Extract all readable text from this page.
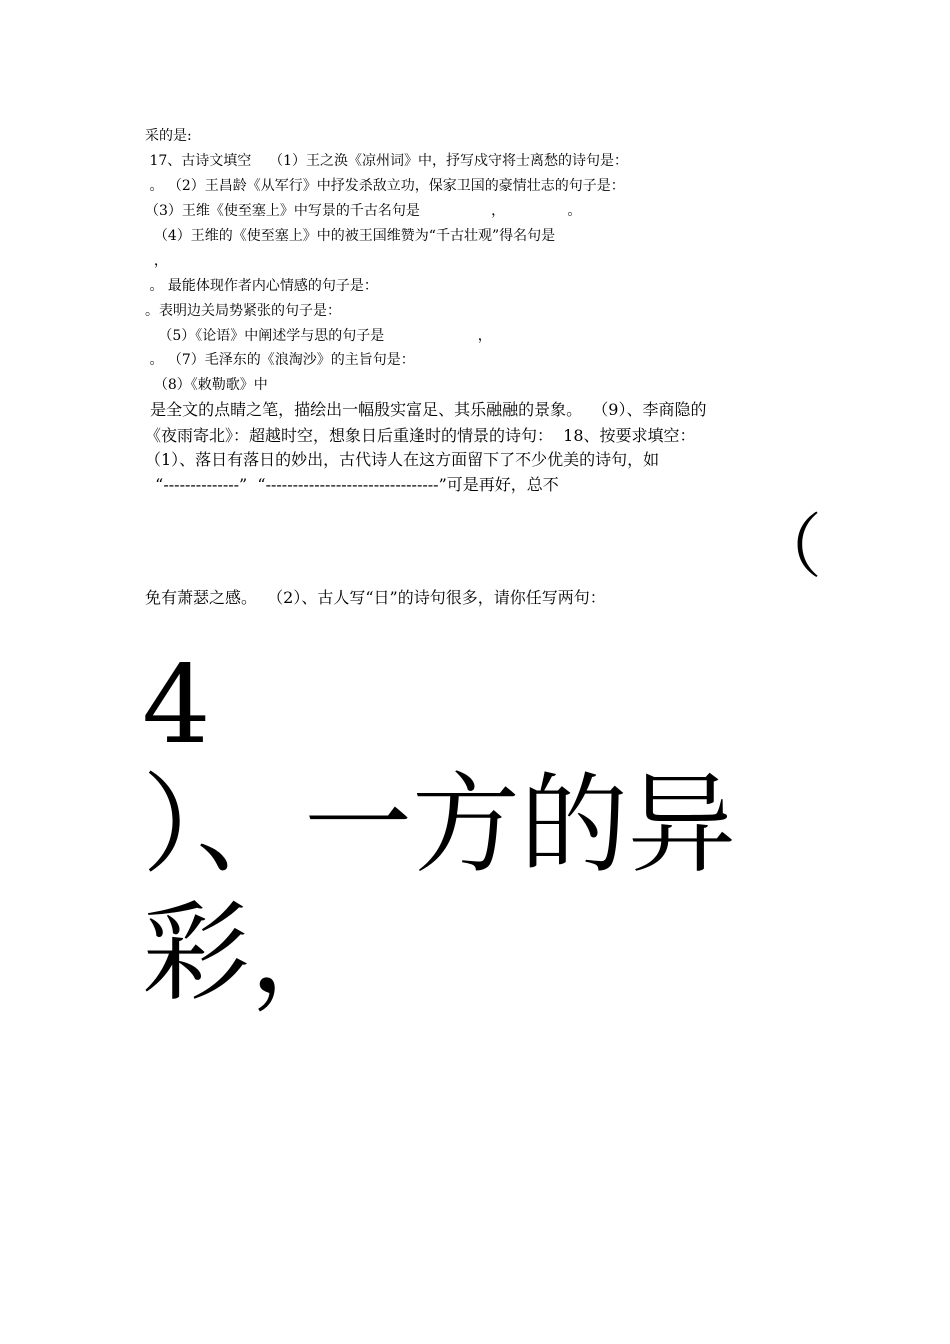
采的是:
17、古诗文填空    （1）王之涣《凉州词》中，抒写戍守将士离愁的诗句是：
。 （2）王昌龄《从军行》中抒发杀敌立功，保家卫国的豪情壮志的句子是：
（3）王维《使至塞上》中写景的千古名句是                ，              。
（4）王维的《使至塞上》中的被王国维赞为“千古壮观”得名句是
，
。 最能体现作者内心情感的句子是：
。表明边关局势紧张的句子是：
（5）《论语》中阐述学与思的句子是                     ，
。 （7）毛泽东的《浪淘沙》的主旨句是：
（8）《敕勒歌》中
是全文的点睛之笔，描绘出一幅殷实富足、其乐融融的景象。  （9）、李商隐的
《夜雨寄北》：超越时空，想象日后重逢时的情景的诗句：  18、按要求填空：
（1）、落日有落日的妙出，古代诗人在这方面留下了不少优美的诗句，如
“--------------”  “--------------------------------”可是再好，总不
（
免有萧瑟之感。  （2）、古人写“日”的诗句很多，请你任写两句：
4
）、一方的异
彩，
